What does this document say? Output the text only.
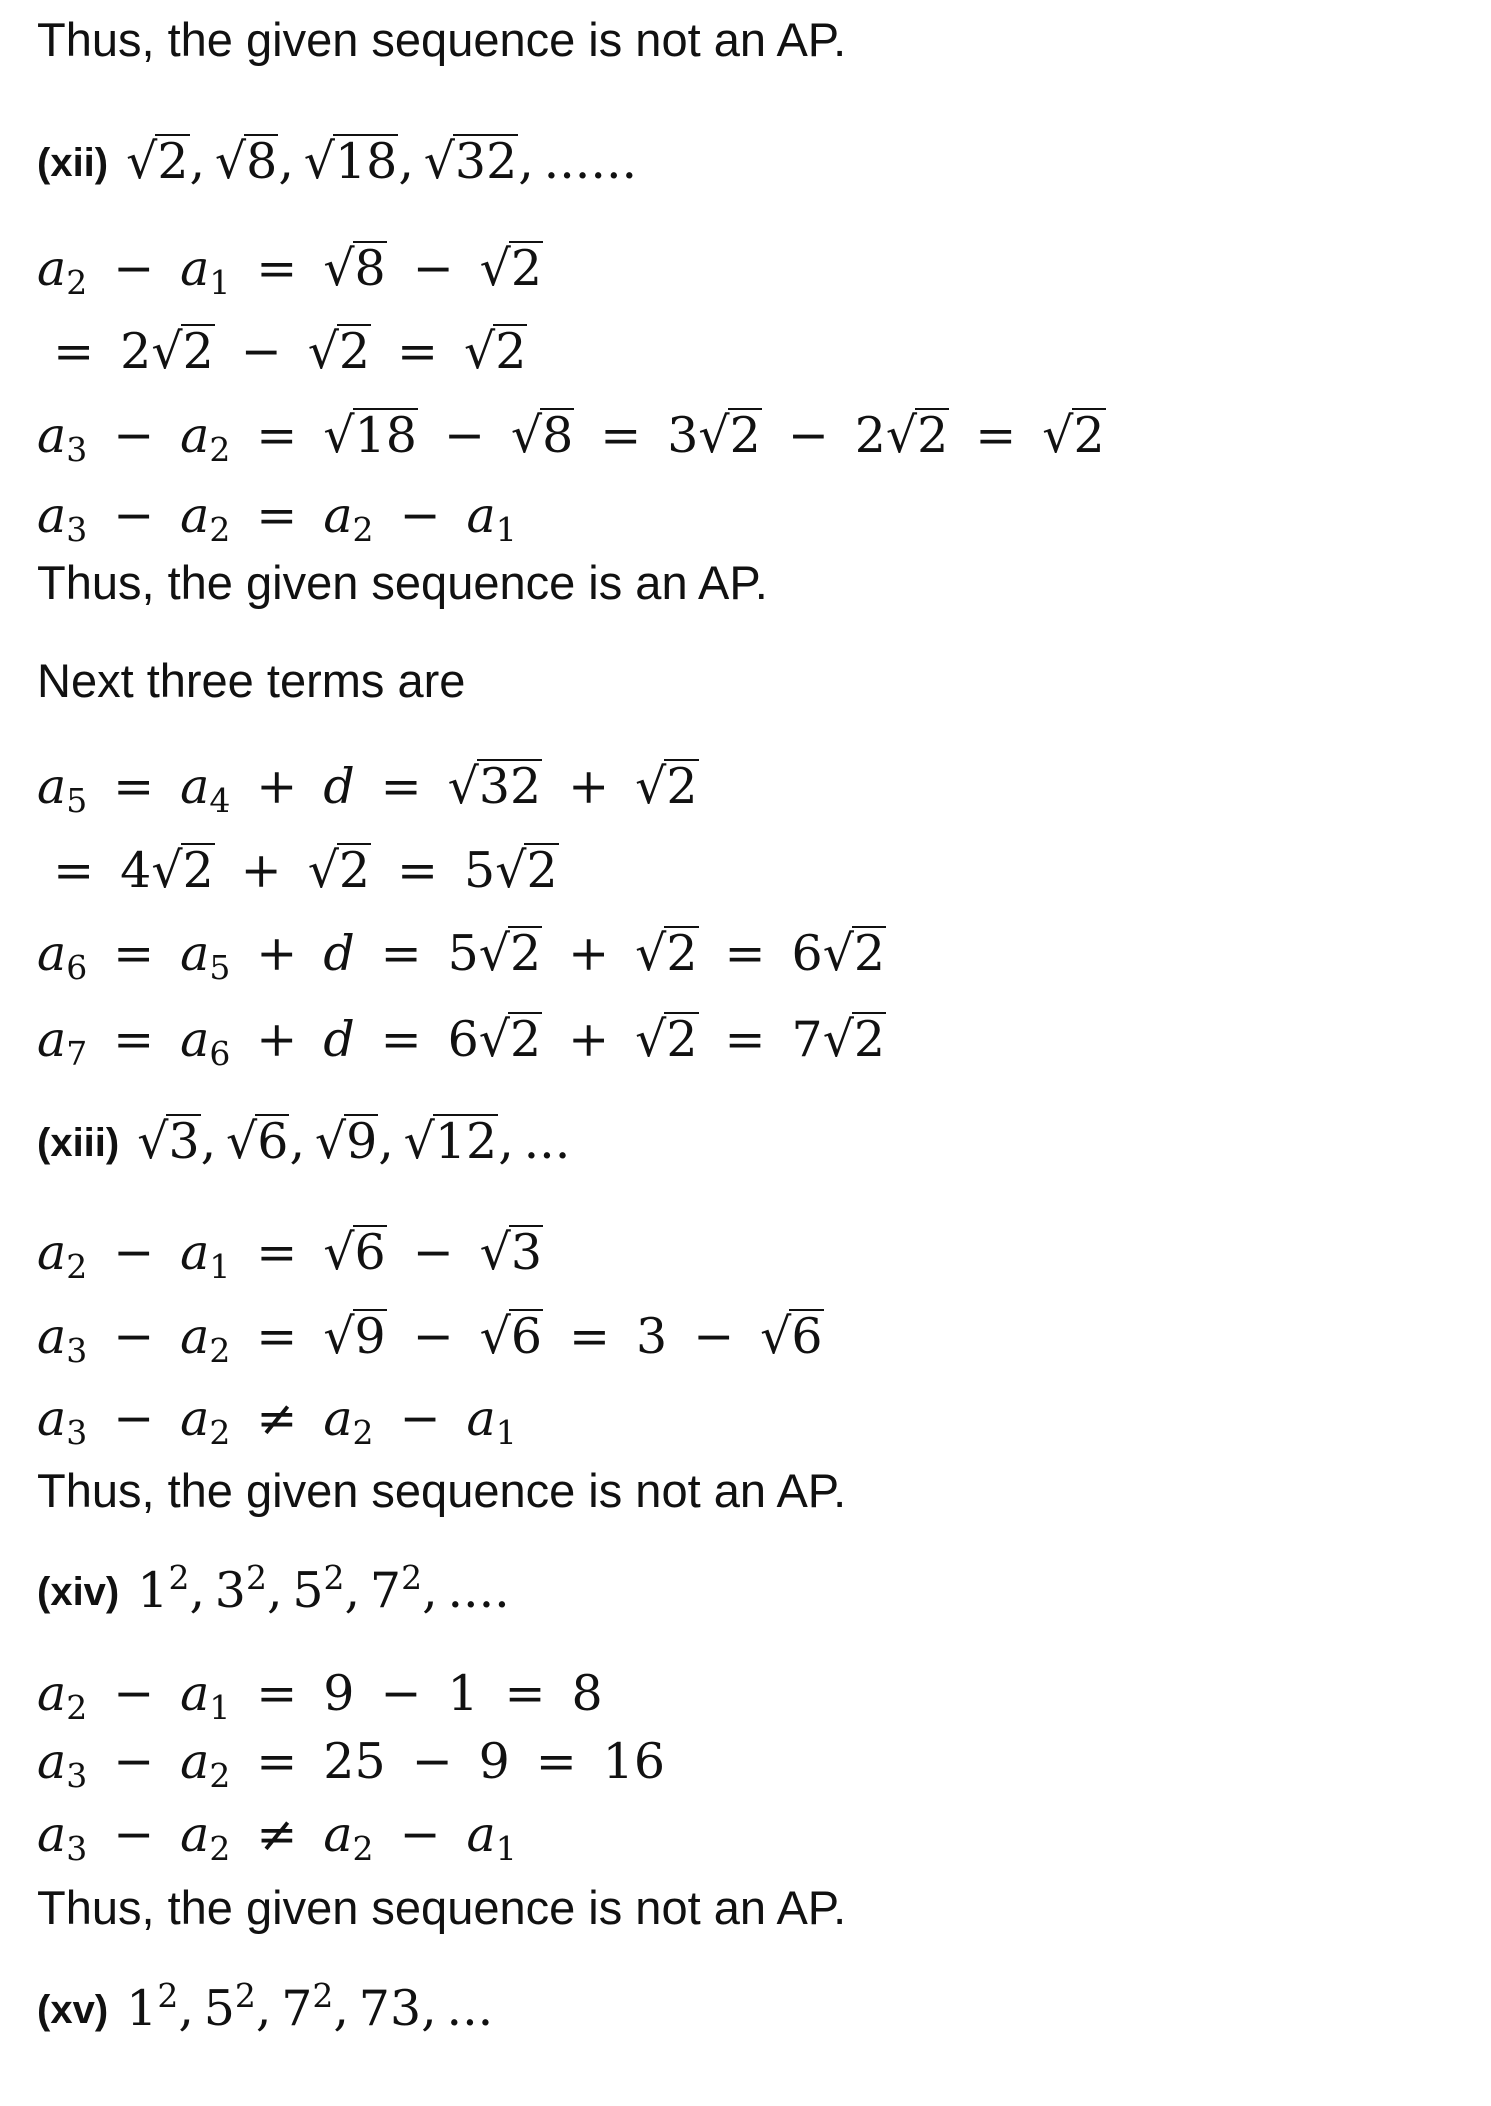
Thus, the given sequence is not an AP.
(xii) √2, √8, √18, √32, ......
$a_2$  −  $a_1$  =  √8  −  √2
 =  2√2  −  √2  =  √2
$a_3$  −  $a_2$  =  √18  −  √8  =  3√2  −  2√2  =  √2
$a_3$  −  $a_2$  =  $a_2$  −  $a_1$
Thus, the given sequence is an AP.
Next three terms are
$a_5$  =  $a_4$  +  d  =  √32  +  √2
 =  4√2  +  √2  =  5√2
$a_6$  =  $a_5$  +  d  =  5√2  +  √2  =  6√2
$a_7$  =  $a_6$  +  d  =  6√2  +  √2  =  7√2
(xiii) √3, √6, √9, √12, ...
$a_2$  −  $a_1$  =  √6  −  √3
$a_3$  −  $a_2$  =  √9  −  √6  =  3  −  √6
$a_3$  −  $a_2$  ≠  $a_2$  −  $a_1$
Thus, the given sequence is not an AP.
(xiv) $1^2$, $3^2$, $5^2$, $7^2$, ....
$a_2$  −  $a_1$  =  9  −  1  =  8
$a_3$  −  $a_2$  =  25  −  9  =  16
$a_3$  −  $a_2$  ≠  $a_2$  −  $a_1$
Thus, the given sequence is not an AP.
(xv) $1^2$, $5^2$, $7^2$, 73, ...
